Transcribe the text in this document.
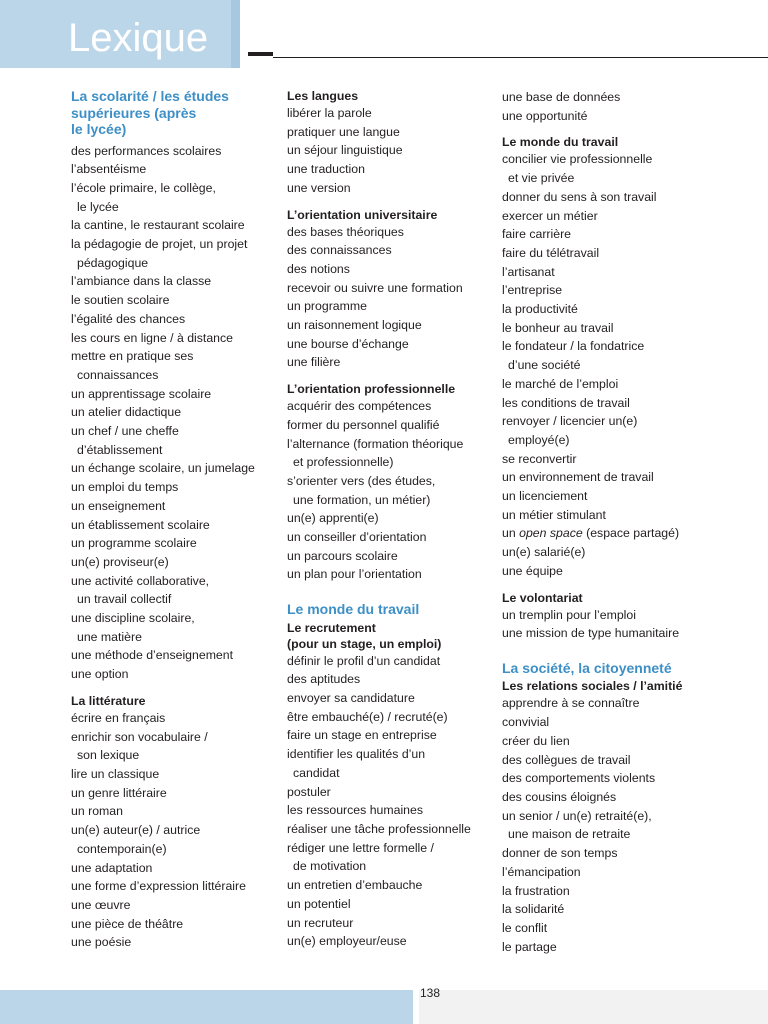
Lexique
La scolarité / les études
supérieures (après
le lycée)
des performances scolaires
l’absentéisme
l’école primaire, le collège,
le lycée
la cantine, le restaurant scolaire
la pédagogie de projet, un projet
pédagogique
l’ambiance dans la classe
le soutien scolaire
l’égalité des chances
les cours en ligne / à distance
mettre en pratique ses
connaissances
un apprentissage scolaire
un atelier didactique
un chef / une cheffe
d’établissement
un échange scolaire, un jumelage
un emploi du temps
un enseignement
un établissement scolaire
un programme scolaire
un(e) proviseur(e)
une activité collaborative,
un travail collectif
une discipline scolaire,
une matière
une méthode d’enseignement
une option
La littérature
écrire en français
enrichir son vocabulaire /
son lexique
lire un classique
un genre littéraire
un roman
un(e) auteur(e) / autrice
contemporain(e)
une adaptation
une forme d’expression littéraire
une œuvre
une pièce de théâtre
une poésie
Les langues
libérer la parole
pratiquer une langue
un séjour linguistique
une traduction
une version
L’orientation universitaire
des bases théoriques
des connaissances
des notions
recevoir ou suivre une formation
un programme
un raisonnement logique
une bourse d’échange
une filière
L’orientation professionnelle
acquérir des compétences
former du personnel qualifié
l’alternance (formation théorique
et professionnelle)
s’orienter vers (des études,
une formation, un métier)
un(e) apprenti(e)
un conseiller d’orientation
un parcours scolaire
un plan pour l’orientation
Le monde du travail
Le recrutement
(pour un stage, un emploi)
définir le profil d’un candidat
des aptitudes
envoyer sa candidature
être embauché(e) / recruté(e)
faire un stage en entreprise
identifier les qualités d’un
candidat
postuler
les ressources humaines
réaliser une tâche professionnelle
rédiger une lettre formelle /
de motivation
un entretien d’embauche
un potentiel
un recruteur
un(e) employeur/euse
une base de données
une opportunité
Le monde du travail
concilier vie professionnelle
et vie privée
donner du sens à son travail
exercer un métier
faire carrière
faire du télétravail
l’artisanat
l’entreprise
la productivité
le bonheur au travail
le fondateur / la fondatrice
d’une société
le marché de l’emploi
les conditions de travail
renvoyer / licencier un(e)
employé(e)
se reconvertir
un environnement de travail
un licenciement
un métier stimulant
un open space (espace partagé)
un(e) salarié(e)
une équipe
Le volontariat
un tremplin pour l’emploi
une mission de type humanitaire
La société, la citoyenneté
Les relations sociales / l’amitié
apprendre à se connaître
convivial
créer du lien
des collègues de travail
des comportements violents
des cousins éloignés
un senior / un(e) retraité(e),
une maison de retraite
donner de son temps
l’émancipation
la frustration
la solidarité
le conflit
le partage
138
